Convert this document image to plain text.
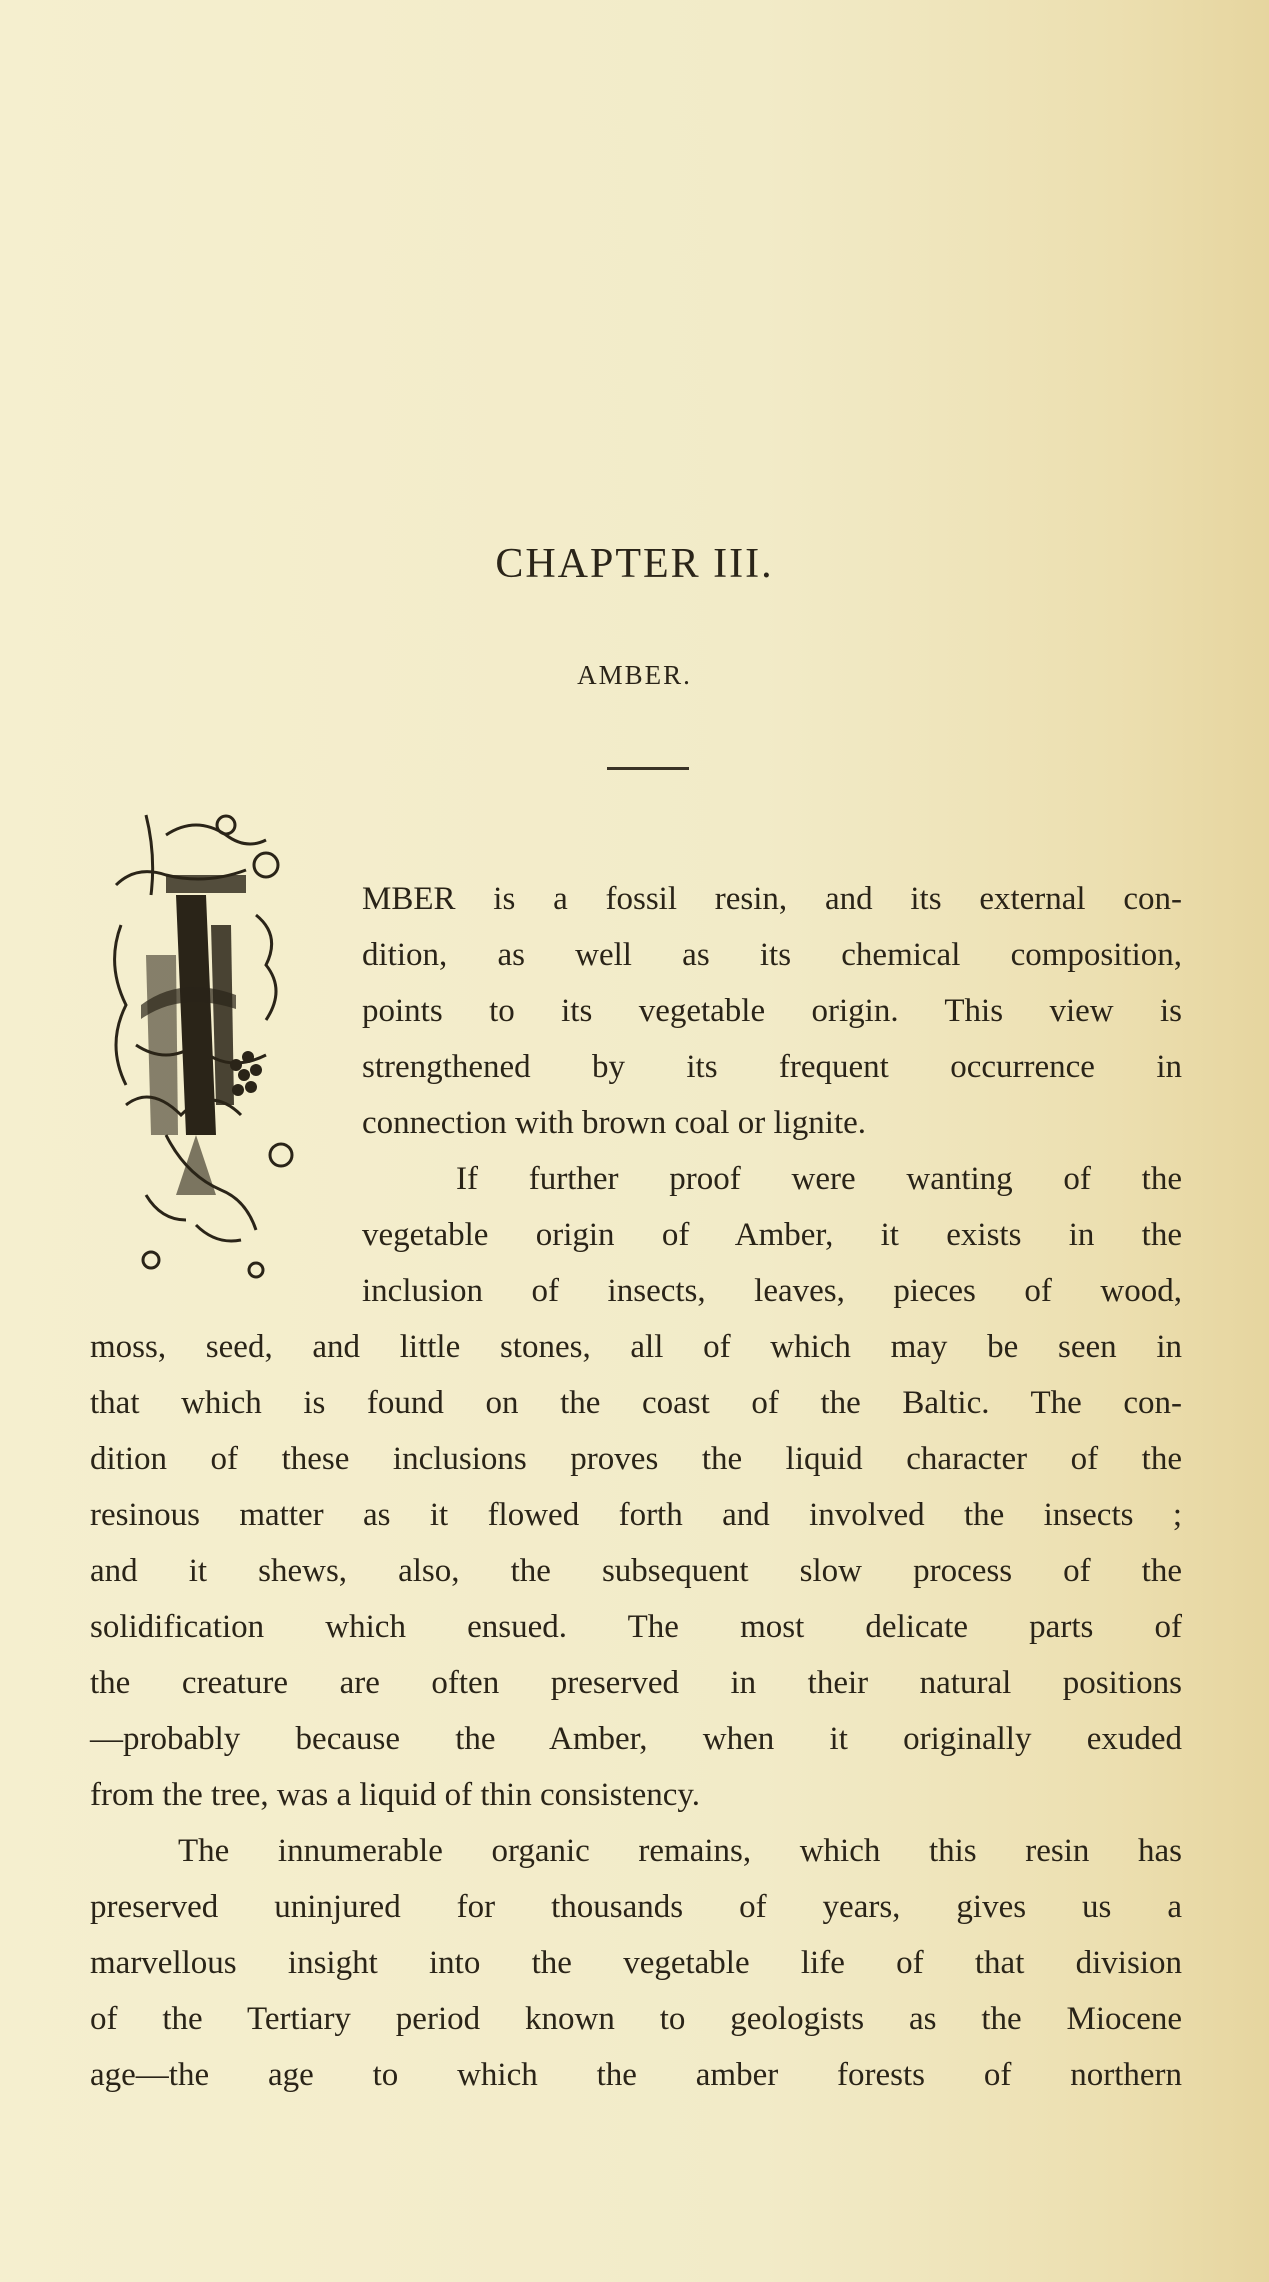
CHAPTER III.
AMBER.
MBER is a fossil resin, and its external con-
dition, as well as its chemical composition,
points to its vegetable origin. This view is
strengthened by its frequent occurrence in
connection with brown coal or lignite.
If further proof were wanting of the
vegetable origin of Amber, it exists in the
inclusion of insects, leaves, pieces of wood,
moss, seed, and little stones, all of which may be seen in
that which is found on the coast of the Baltic. The con-
dition of these inclusions proves the liquid character of the
resinous matter as it flowed forth and involved the insects ;
and it shews, also, the subsequent slow process of the
solidification which ensued. The most delicate parts of
the creature are often preserved in their natural positions
—probably because the Amber, when it originally exuded
from the tree, was a liquid of thin consistency.
The innumerable organic remains, which this resin has
preserved uninjured for thousands of years, gives us a
marvellous insight into the vegetable life of that division
of the Tertiary period known to geologists as the Miocene
age—the age to which the amber forests of northern
